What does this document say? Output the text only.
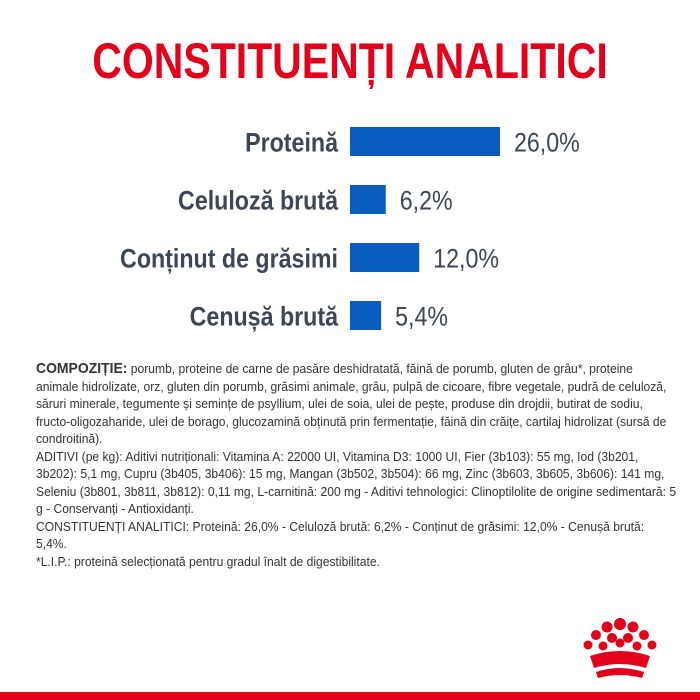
CONSTITUENȚI ANALITICI
Proteină	26,0%
Celuloză brută 6,2%
Conținut de grăsimi	12,0%
Cenușă brută 5,4%

COMPOZIȚIE: porumb, proteine de carne de pasăre deshidratată, făină de porumb, gluten de grâu*, proteine animale hidrolizate, orz, gluten din porumb, grăsimi animale, grâu, pulpă de cicoare, fibre vegetale, pudră de celuloză, săruri minerale, tegumente și semințe de psyllium, ulei de soia, ulei de pește, produse din drojdii, butirat de sodiu, fructo-oligozaharide, ulei de borago, glucozamină obținută prin fermentație, făină din crăițe, cartilaj hidrolizat (sursă de condroitină).

ADITIVI (pe kg): Aditivi nutriționali: Vitamina A: 22000 UI, Vitamina D3: 1000 UI, Fier (3b103): 55 mg, Iod (3b201, 3b202): 5,1 mg, Cupru (3b405, 3b406): 15 mg, Mangan (3b502, 3b504): 66 mg, Zinc (3b603, 3b605, 3b606): 141 mg, Seleniu (3b801, 3b811, 3b812): 0,11 mg, L-carnitină: 200 mg - Aditivi tehnologici: Clinoptilolite de origine sedimentară: 5 g - Conservanți - Antioxidanți.

CONSTITUENȚI ANALITICI: Proteină: 26,0% - Celuloză brută: 6,2% - Conținut de grăsimi: 12,0% - Cenușă brută: 5,4%.

*L.I.P.: proteină selecționată pentru gradul înalt de digestibilitate.
